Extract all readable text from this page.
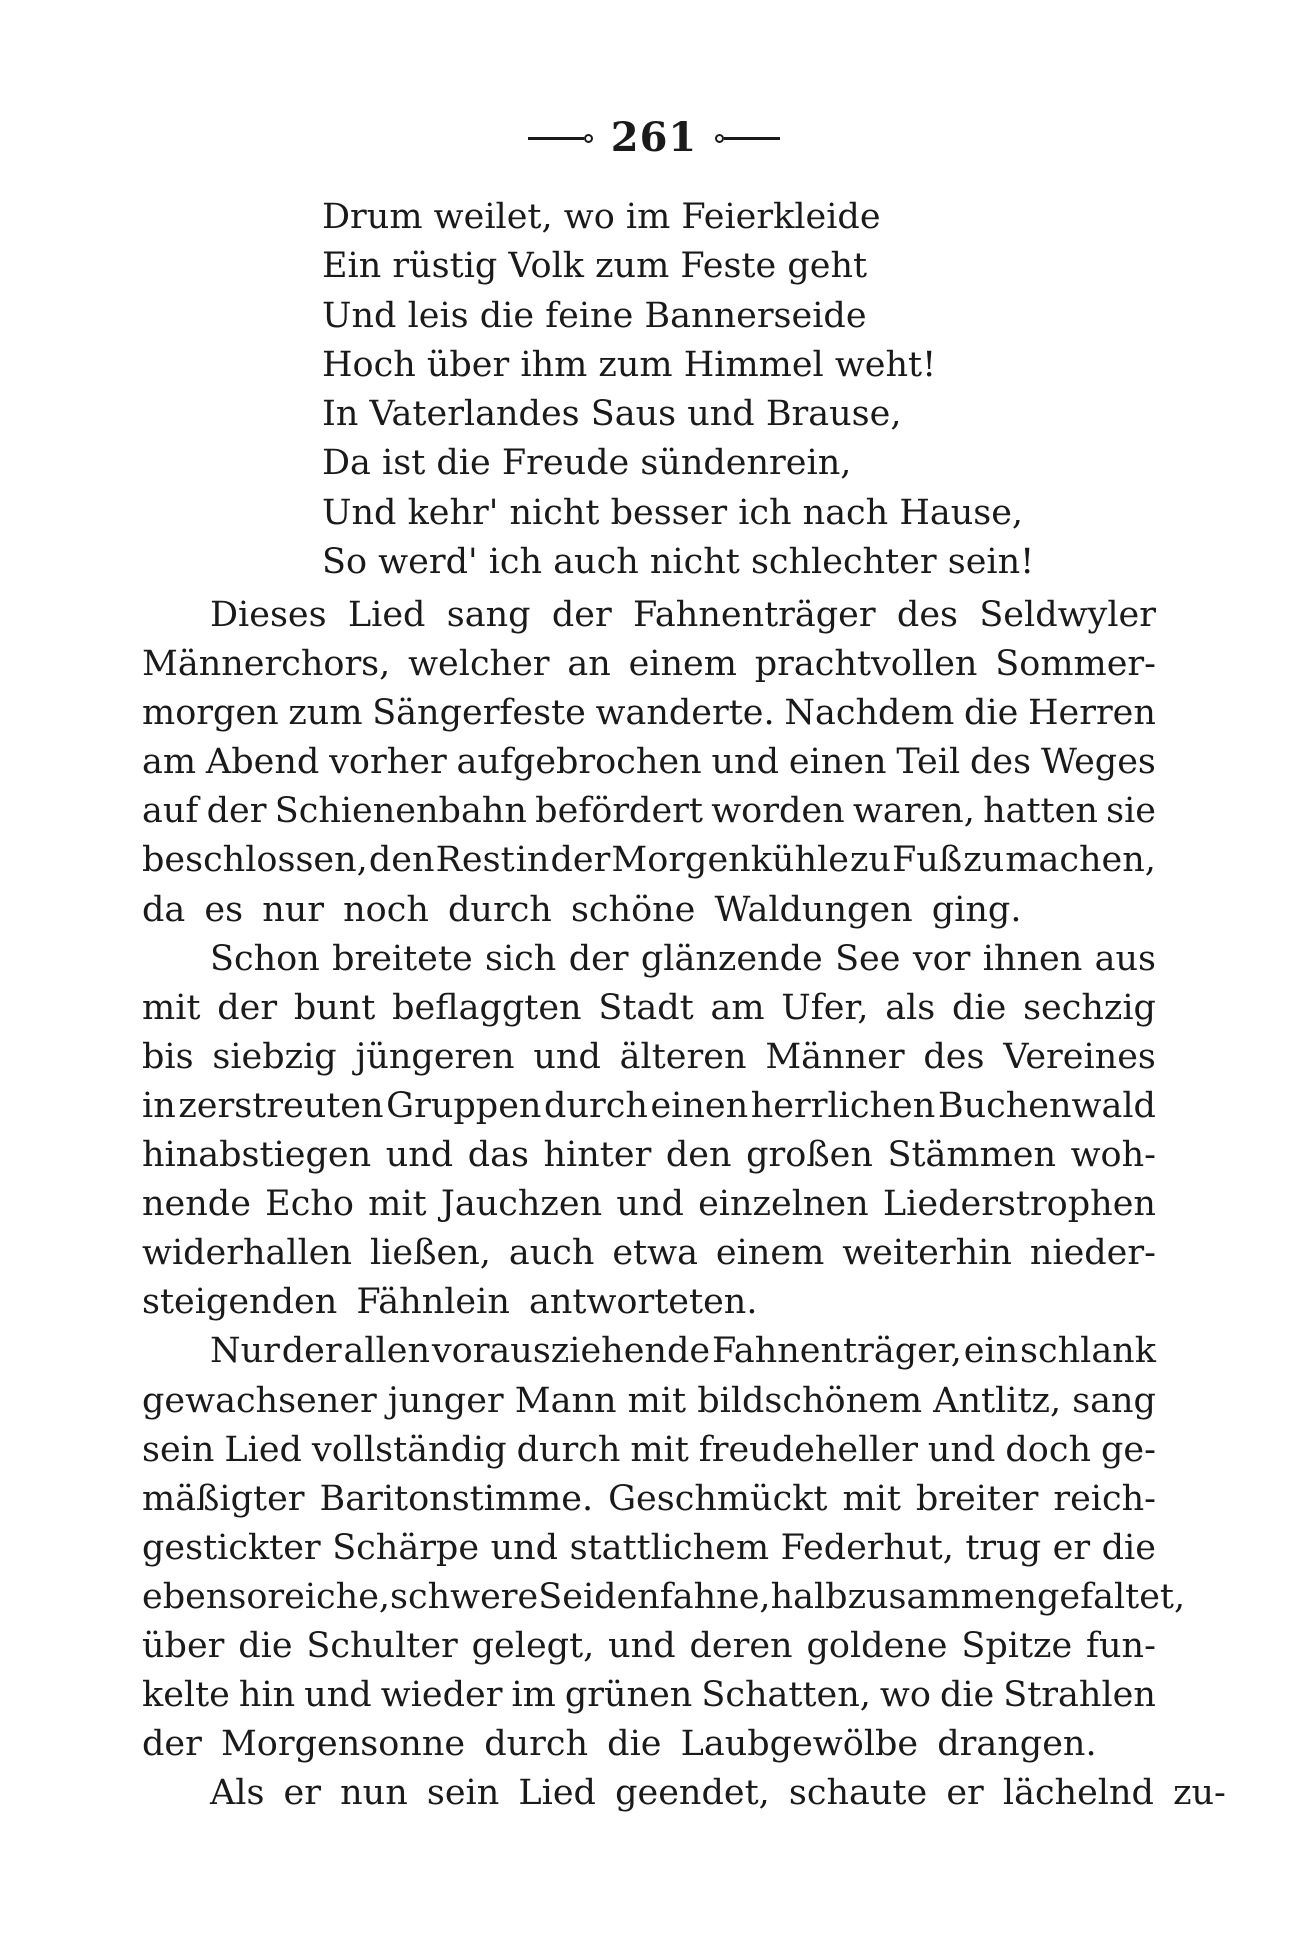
261
Drum weilet, wo im Feierkleide
Ein rüstig Volk zum Feste geht
Und leis die feine Bannerseide
Hoch über ihm zum Himmel weht!
In Vaterlandes Saus und Brause,
Da ist die Freude sündenrein,
Und kehr' nicht besser ich nach Hause,
So werd' ich auch nicht schlechter sein!
Dieses Lied sang der Fahnenträger des Seldwyler
Männerchors, welcher an einem prachtvollen Sommer-
morgen zum Sängerfeste wanderte. Nachdem die Herren
am Abend vorher aufgebrochen und einen Teil des Weges
auf der Schienenbahn befördert worden waren, hatten sie
beschlossen, den Rest in der Morgenkühle zu Fuß zu machen,
da es nur noch durch schöne Waldungen ging.
Schon breitete sich der glänzende See vor ihnen aus
mit der bunt beflaggten Stadt am Ufer, als die sechzig
bis siebzig jüngeren und älteren Männer des Vereines
in zerstreuten Gruppen durch einen herrlichen Buchenwald
hinabstiegen und das hinter den großen Stämmen woh-
nende Echo mit Jauchzen und einzelnen Liederstrophen
widerhallen ließen, auch etwa einem weiterhin nieder-
steigenden Fähnlein antworteten.
Nur der allen vorausziehende Fahnenträger, ein schlank
gewachsener junger Mann mit bildschönem Antlitz, sang
sein Lied vollständig durch mit freudeheller und doch ge-
mäßigter Baritonstimme. Geschmückt mit breiter reich-
gestickter Schärpe und stattlichem Federhut, trug er die
ebenso reiche, schwere Seidenfahne, halb zusammengefaltet,
über die Schulter gelegt, und deren goldene Spitze fun-
kelte hin und wieder im grünen Schatten, wo die Strahlen
der Morgensonne durch die Laubgewölbe drangen.
Als er nun sein Lied geendet, schaute er lächelnd zu-
